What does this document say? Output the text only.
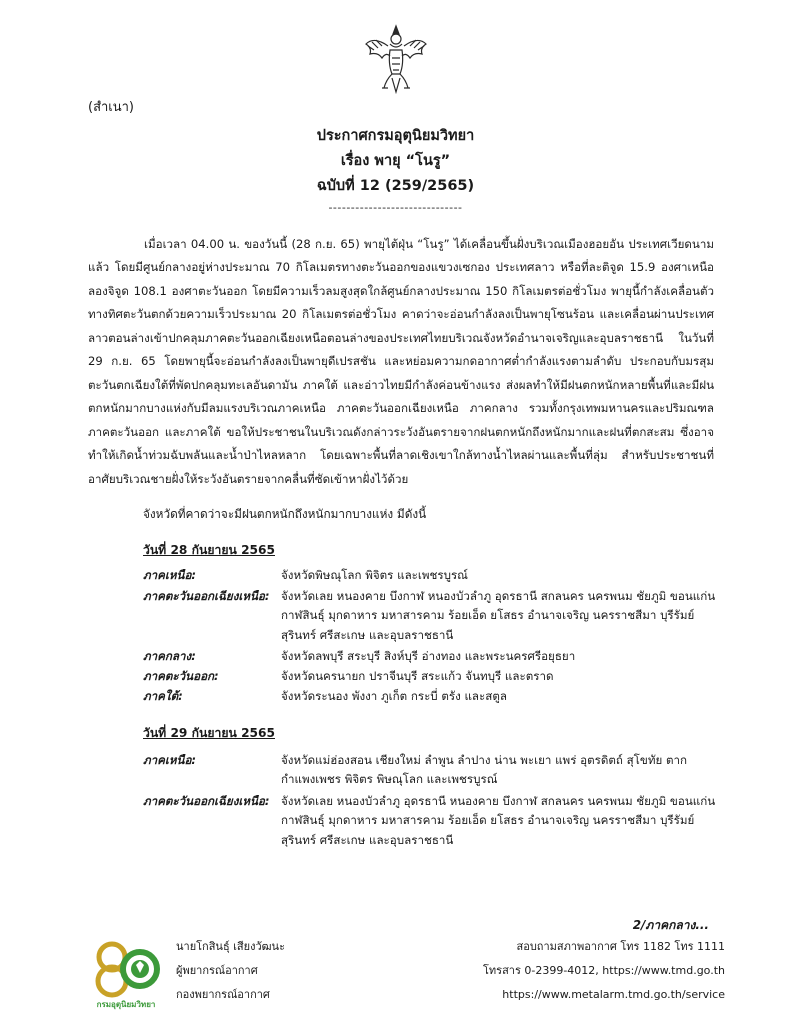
(สำเนา)
ประกาศกรมอุตุนิยมวิทยา
เรื่อง พายุ “โนรู”
ฉบับที่ 12 (259/2565)
------------------------------
เมื่อเวลา 04.00 น. ของวันนี้ (28 ก.ย. 65) พายุไต้ฝุ่น “โนรู” ได้เคลื่อนขึ้นฝั่งบริเวณเมืองฮอยอัน ประเทศเวียดนามแล้ว โดยมีศูนย์กลางอยู่ห่างประมาณ 70 กิโลเมตรทางตะวันออกของแขวงเซกอง ประเทศลาว หรือที่ละติจูด 15.9 องศาเหนือ ลองจิจูด 108.1 องศาตะวันออก โดยมีความเร็วลมสูงสุดใกล้ศูนย์กลางประมาณ 150 กิโลเมตรต่อชั่วโมง พายุนี้กำลังเคลื่อนตัวทางทิศตะวันตกด้วยความเร็วประมาณ 20 กิโลเมตรต่อชั่วโมง คาดว่าจะอ่อนกำลังลงเป็นพายุโซนร้อน และเคลื่อนผ่านประเทศลาวตอนล่างเข้าปกคลุมภาคตะวันออกเฉียงเหนือตอนล่างของประเทศไทยบริเวณจังหวัดอำนาจเจริญและอุบลราชธานี ในวันที่ 29 ก.ย. 65 โดยพายุนี้จะอ่อนกำลังลงเป็นพายุดีเปรสชัน และหย่อมความกดอากาศต่ำกำลังแรงตามลำดับ ประกอบกับมรสุมตะวันตกเฉียงใต้ที่พัดปกคลุมทะเลอันดามัน ภาคใต้ และอ่าวไทยมีกำลังค่อนข้างแรง ส่งผลทำให้มีฝนตกหนักหลายพื้นที่และมีฝนตกหนักมากบางแห่งกับมีลมแรงบริเวณภาคเหนือ ภาคตะวันออกเฉียงเหนือ ภาคกลาง รวมทั้งกรุงเทพมหานครและปริมณฑล ภาคตะวันออก และภาคใต้ ขอให้ประชาชนในบริเวณดังกล่าวระวังอันตรายจากฝนตกหนักถึงหนักมากและฝนที่ตกสะสม ซึ่งอาจทำให้เกิดน้ำท่วมฉับพลันและน้ำป่าไหลหลาก โดยเฉพาะพื้นที่ลาดเชิงเขาใกล้ทางน้ำไหลผ่านและพื้นที่ลุ่ม สำหรับประชาชนที่อาศัยบริเวณชายฝั่งให้ระวังอันตรายจากคลื่นที่ซัดเข้าหาฝั่งไว้ด้วย
จังหวัดที่คาดว่าจะมีฝนตกหนักถึงหนักมากบางแห่ง มีดังนี้
วันที่ 28 กันยายน 2565
ภาคเหนือ:	จังหวัดพิษณุโลก พิจิตร และเพชรบูรณ์
ภาคตะวันออกเฉียงเหนือ: จังหวัดเลย หนองคาย บึงกาฬ หนองบัวลำภู อุดรธานี สกลนคร นครพนม ชัยภูมิ ขอนแก่น กาฬสินธุ์ มุกดาหาร มหาสารคาม ร้อยเอ็ด ยโสธร อำนาจเจริญ นครราชสีมา บุรีรัมย์ สุรินทร์ ศรีสะเกษ และอุบลราชธานี
ภาคกลาง:	จังหวัดลพบุรี สระบุรี สิงห์บุรี อ่างทอง และพระนครศรีอยุธยา
ภาคตะวันออก:	จังหวัดนครนายก ปราจีนบุรี สระแก้ว จันทบุรี และตราด
ภาคใต้:	จังหวัดระนอง พังงา ภูเก็ต กระบี่ ตรัง และสตูล
วันที่ 29 กันยายน 2565
ภาคเหนือ:	จังหวัดแม่ฮ่องสอน เชียงใหม่ ลำพูน ลำปาง น่าน พะเยา แพร่ อุตรดิตถ์ สุโขทัย ตาก กำแพงเพชร พิจิตร พิษณุโลก และเพชรบูรณ์
ภาคตะวันออกเฉียงเหนือ: จังหวัดเลย หนองบัวลำภู อุดรธานี หนองคาย บึงกาฬ สกลนคร นครพนม ชัยภูมิ ขอนแก่น กาฬสินธุ์ มุกดาหาร มหาสารคาม ร้อยเอ็ด ยโสธร อำนาจเจริญ นครราชสีมา บุรีรัมย์ สุรินทร์ ศรีสะเกษ และอุบลราชธานี
2/ภาคกลาง...
กรมอุตุนิยมวิทยา
นายโกสินธุ์ เสียงวัฒนะ
ผู้พยากรณ์อากาศ
กองพยากรณ์อากาศ
สอบถามสภาพอากาศ โทร 1182 โทร 1111
โทรสาร 0-2399-4012, https://www.tmd.go.th
https://www.metalarm.tmd.go.th/service
